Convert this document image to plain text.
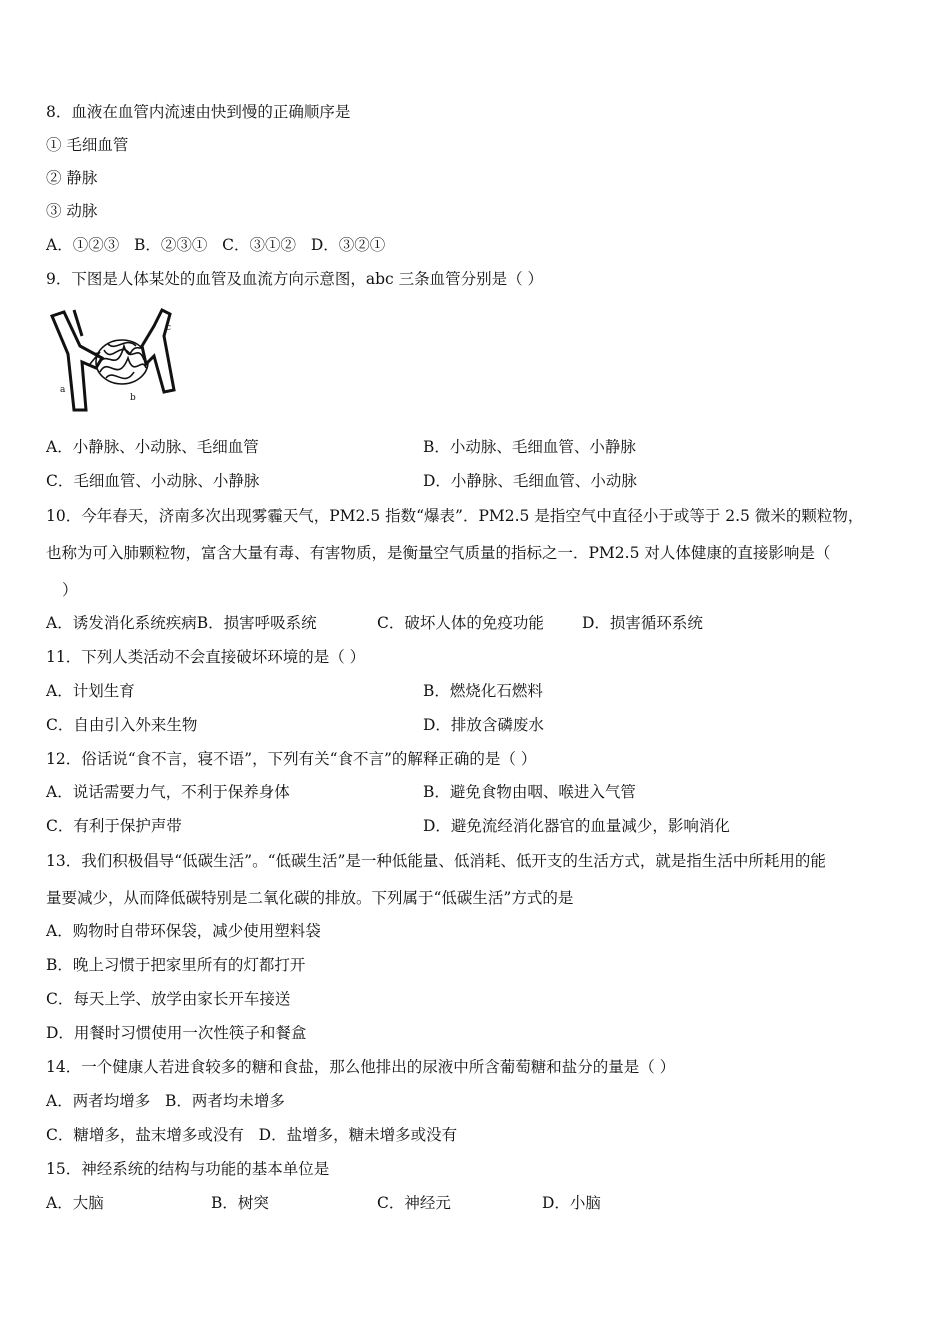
8．血液在血管内流速由快到慢的正确顺序是
① 毛细血管
② 静脉
③ 动脉
A．①②③ B．②③① C．③①② D．③②①
9．下图是人体某处的血管及血流方向示意图，abc 三条血管分别是（ ）
a
b
c
A．小静脉、小动脉、毛细血管	B．小动脉、毛细血管、小静脉
C．毛细血管、小动脉、小静脉	D．小静脉、毛细血管、小动脉
10．今年春天，济南多次出现雾霾天气，PM2.5 指数“爆表”．PM2.5 是指空气中直径小于或等于 2.5 微米的颗粒物，
也称为可入肺颗粒物，富含大量有毒、有害物质，是衡量空气质量的指标之一．PM2.5 对人体健康的直接影响是（
）
A．诱发消化系统疾病B．损害呼吸系统	C．破坏人体的免疫功能 D．损害循环系统
11．下列人类活动不会直接破坏环境的是（ ）
A．计划生育	B．燃烧化石燃料
C．自由引入外来生物	D．排放含磷废水
12．俗话说“食不言，寝不语”，下列有关“食不言”的解释正确的是（ ）
A．说话需要力气，不利于保养身体	B．避免食物由咽、喉进入气管
C．有利于保护声带	D．避免流经消化器官的血量减少，影响消化
13．我们积极倡导“低碳生活”。“低碳生活”是一种低能量、低消耗、低开支的生活方式，就是指生活中所耗用的能
量要减少，从而降低碳特别是二氧化碳的排放。下列属于“低碳生活”方式的是
A．购物时自带环保袋，减少使用塑料袋
B．晚上习惯于把家里所有的灯都打开
C．每天上学、放学由家长开车接送
D．用餐时习惯使用一次性筷子和餐盒
14．一个健康人若进食较多的糖和食盐，那么他排出的尿液中所含葡萄糖和盐分的量是（ ）
A．两者均增多 B．两者均未增多
C．糖增多，盐末增多或没有 D．盐增多，糖未增多或没有
15．神经系统的结构与功能的基本单位是
A．大脑	B．树突	C．神经元	D．小脑
